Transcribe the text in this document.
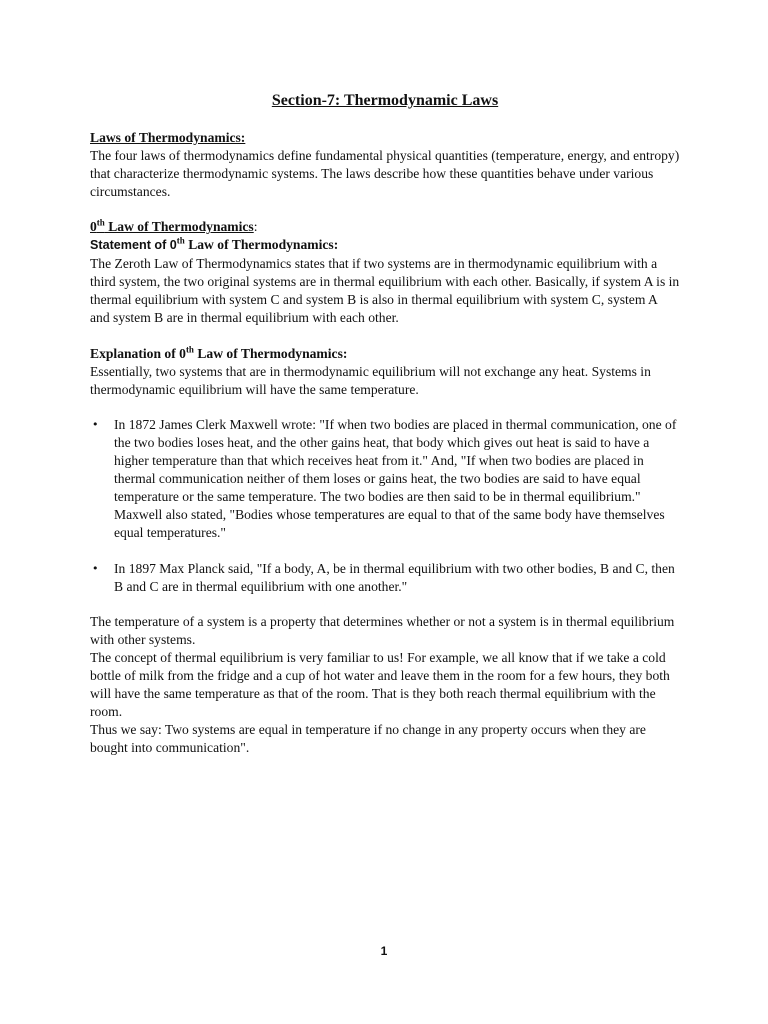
Section-7: Thermodynamic Laws

Laws of Thermodynamics:

The four laws of thermodynamics define fundamental physical quantities (temperature, energy, and entropy) that characterize thermodynamic systems. The laws describe how these quantities behave under various circumstances.

0th Law of Thermodynamics:

Statement of 0th Law of Thermodynamics:

The Zeroth Law of Thermodynamics states that if two systems are in thermodynamic equilibrium with a third system, the two original systems are in thermal equilibrium with each other. Basically, if system A is in thermal equilibrium with system C and system B is also in thermal equilibrium with system C, system A and system B are in thermal equilibrium with each other.

Explanation of 0th Law of Thermodynamics:

Essentially, two systems that are in thermodynamic equilibrium will not exchange any heat. Systems in thermodynamic equilibrium will have the same temperature.

• In 1872 James Clerk Maxwell wrote: "If when two bodies are placed in thermal communication, one of the two bodies loses heat, and the other gains heat, that body which gives out heat is said to have a higher temperature than that which receives heat from it." And, "If when two bodies are placed in thermal communication neither of them loses or gains heat, the two bodies are said to have equal temperature or the same temperature. The two bodies are then said to be in thermal equilibrium." Maxwell also stated, "Bodies whose temperatures are equal to that of the same body have themselves equal temperatures."
• In 1897 Max Planck said, "If a body, A, be in thermal equilibrium with two other bodies, B and C, then B and C are in thermal equilibrium with one another."

The temperature of a system is a property that determines whether or not a system is in thermal equilibrium with other systems.

The concept of thermal equilibrium is very familiar to us! For example, we all know that if we take a cold bottle of milk from the fridge and a cup of hot water and leave them in the room for a few hours, they both will have the same temperature as that of the room. That is they both reach thermal equilibrium with the room.

Thus we say: Two systems are equal in temperature if no change in any property occurs when they are bought into communication".

1
